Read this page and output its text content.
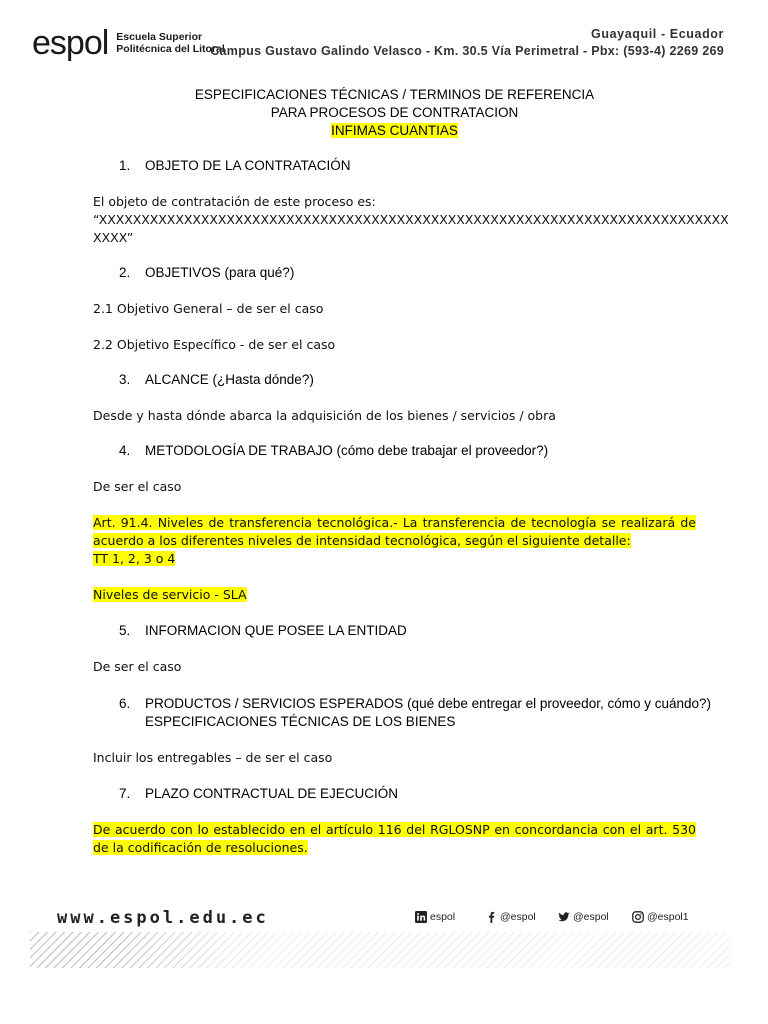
espol Escuela Superior
Politécnica del Litoral
Guayaquil - Ecuador
Campus Gustavo Galindo Velasco - Km. 30.5 Vía Perimetral - Pbx: (593-4) 2269 269
ESPECIFICACIONES TÉCNICAS / TERMINOS DE REFERENCIA
PARA PROCESOS DE CONTRATACION
INFIMAS CUANTIAS
1. OBJETO DE LA CONTRATACIÓN
El objeto de contratación de este proceso es:
“XXXXXXXXXXXXXXXXXXXXXXXXXXXXXXXXXXXXXXXXXXXXXXXXXXXXXXXXXXXXXXXXXXXXXXXXXX
XXXX”
2. OBJETIVOS (para qué?)
2.1 Objetivo General – de ser el caso
2.2 Objetivo Específico - de ser el caso
3. ALCANCE (¿Hasta dónde?)
Desde y hasta dónde abarca la adquisición de los bienes / servicios / obra
4. METODOLOGÍA DE TRABAJO (cómo debe trabajar el proveedor?)
De ser el caso
Art. 91.4. Niveles de transferencia tecnológica.- La transferencia de tecnología se realizará de acuerdo a los diferentes niveles de intensidad tecnológica, según el siguiente detalle:
TT 1, 2, 3 o 4
Niveles de servicio - SLA
5. INFORMACION QUE POSEE LA ENTIDAD
De ser el caso
6. PRODUCTOS / SERVICIOS ESPERADOS (qué debe entregar el proveedor, cómo y cuándo?)
ESPECIFICACIONES TÉCNICAS DE LOS BIENES
Incluir los entregables – de ser el caso
7. PLAZO CONTRACTUAL DE EJECUCIÓN
De acuerdo con lo establecido en el artículo 116 del RGLOSNP en concordancia con el art. 530 de la codificación de resoluciones.
www.espol.edu.ec	espol	@espol	@espol	@espol1
